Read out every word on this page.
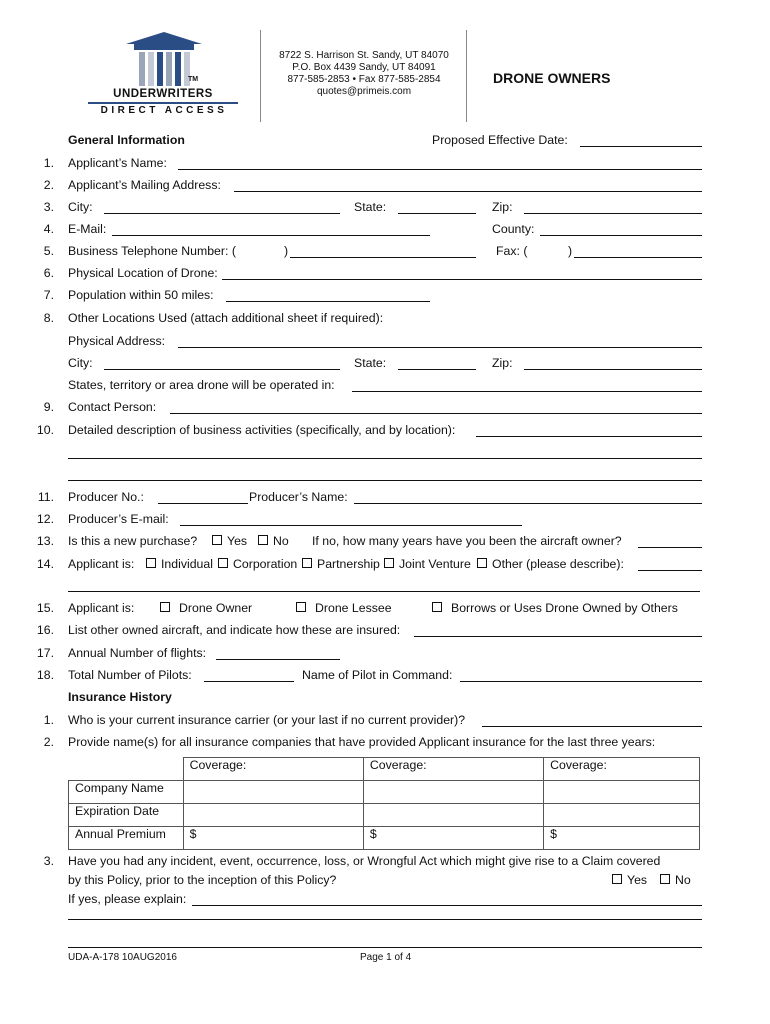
TM
UNDERWRITERS
DIRECT ACCESS
8722 S. Harrison St. Sandy, UT 84070
P.O. Box 4439 Sandy, UT 84091
877-585-2853 • Fax 877-585-2854
quotes@primeis.com
DRONE OWNERS
General Information	Proposed Effective Date:
1. Applicant’s Name:
2. Applicant’s Mailing Address:
3. City:	State:	Zip:
4. E-Mail:	County:
5. Business Telephone Number: (	)	Fax: (	)
6. Physical Location of Drone:
7. Population within 50 miles:
8. Other Locations Used (attach additional sheet if required):
Physical Address:
City:	State:	Zip:
States, territory or area drone will be operated in:
9. Contact Person:
10. Detailed description of business activities (specifically, and by location):
11. Producer No.:	Producer’s Name:
12. Producer’s E-mail:
13. Is this a new purchase?	Yes	No If no, how many years have you been the aircraft owner?
14. Applicant is:	Individual	Corporation	Partnership	Joint Venture	Other (please describe):
15. Applicant is:	Drone Owner	Drone Lessee	Borrows or Uses Drone Owned by Others
16. List other owned aircraft, and indicate how these are insured:
17. Annual Number of flights:
18. Total Number of Pilots:	Name of Pilot in Command:
Insurance History
1. Who is your current insurance carrier (or your last if no current provider)?
2. Provide name(s) for all insurance companies that have provided Applicant insurance for the last three years:
	Coverage:	Coverage:	Coverage:
Company Name			
Expiration Date			
Annual Premium	$	$	$
3. Have you had any incident, event, occurrence, loss, or Wrongful Act which might give rise to a Claim covered
by this Policy, prior to the inception of this Policy?	Yes	No
If yes, please explain:
UDA-A-178 10AUG2016	Page 1 of 4
